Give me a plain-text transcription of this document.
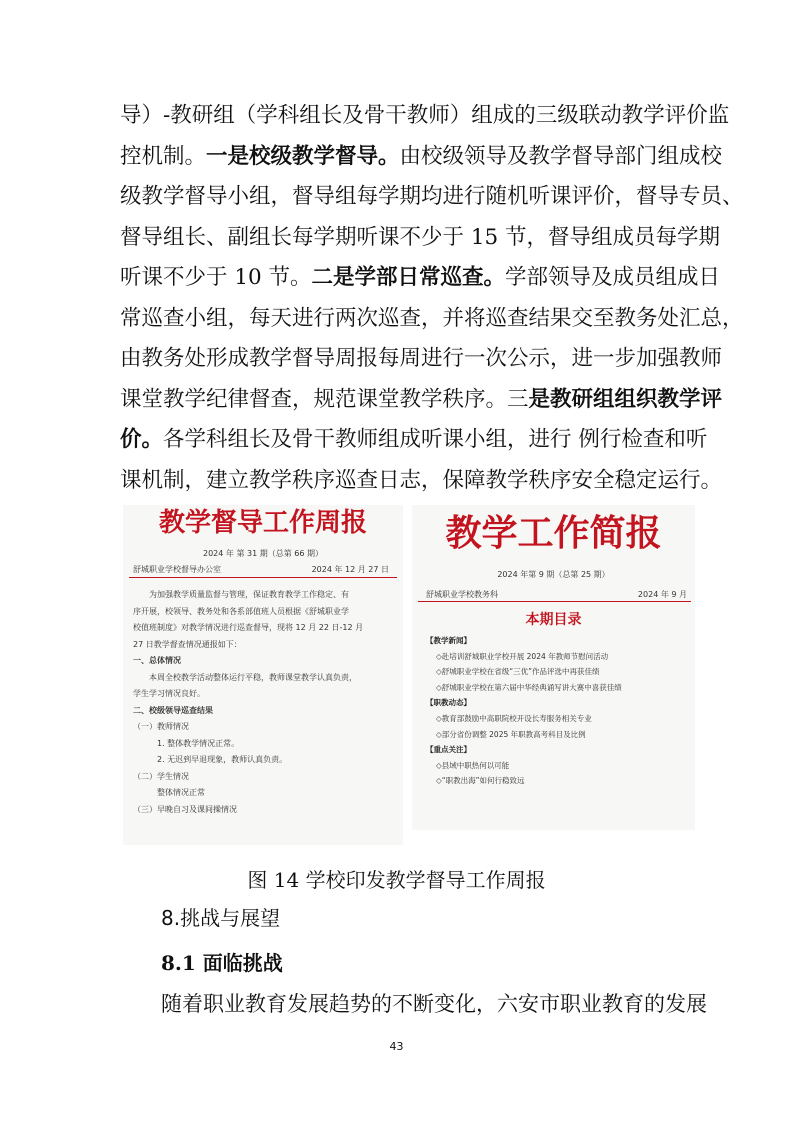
导）-教研组（学科组长及骨干教师）组成的三级联动教学评价监
控机制。一是校级教学督导。由校级领导及教学督导部门组成校
级教学督导小组，督导组每学期均进行随机听课评价，督导专员、
督导组长、副组长每学期听课不少于 15 节，督导组成员每学期
听课不少于 10 节。二是学部日常巡查。学部领导及成员组成日
常巡查小组，每天进行两次巡查，并将巡查结果交至教务处汇总，
由教务处形成教学督导周报每周进行一次公示，进一步加强教师
课堂教学纪律督查，规范课堂教学秩序。三是教研组组织教学评
价。各学科组长及骨干教师组成听课小组，进行 例行检查和听
课机制，建立教学秩序巡查日志，保障教学秩序安全稳定运行。
教学督导工作周报
2024 年 第 31 期（总第 66 期）
舒城职业学校督导办公室	2024 年 12 月 27 日
为加强教学质量监督与管理，保证教育教学工作稳定、有
序开展，校领导、教务处和各系部值班人员根据《舒城职业学
校值班制度》对教学情况进行巡查督导，现将 12 月 22 日-12 月
27 日教学督查情况通报如下：
一、总体情况
本周全校教学活动整体运行平稳，教师课堂教学认真负责，
学生学习情况良好。
二、校级领导巡查结果
（一）教师情况
1. 整体教学情况正常。
2. 无迟到早退现象，教师认真负责。
（二）学生情况
整体情况正常
（三）早晚自习及课间操情况
教学工作简报
2024 年第 9 期（总第 25 期）
舒城职业学校教务科	2024 年 9 月
本期目录
【教学新闻】
◇赴培训舒城职业学校开展 2024 年教师节慰问活动
◇舒城职业学校在省级“三优”作品评选中再获佳绩
◇舒城职业学校在第六届中华经典诵写讲大赛中喜获佳绩
【职教动态】
◇教育部鼓励中高职院校开设长寿服务相关专业
◇部分省份调整 2025 年职教高考科目及比例
【重点关注】
◇县域中职热何以可能
◇“职教出海”如何行稳致远
图 14 学校印发教学督导工作周报
8.挑战与展望
8.1 面临挑战
随着职业教育发展趋势的不断变化，六安市职业教育的发展
43
